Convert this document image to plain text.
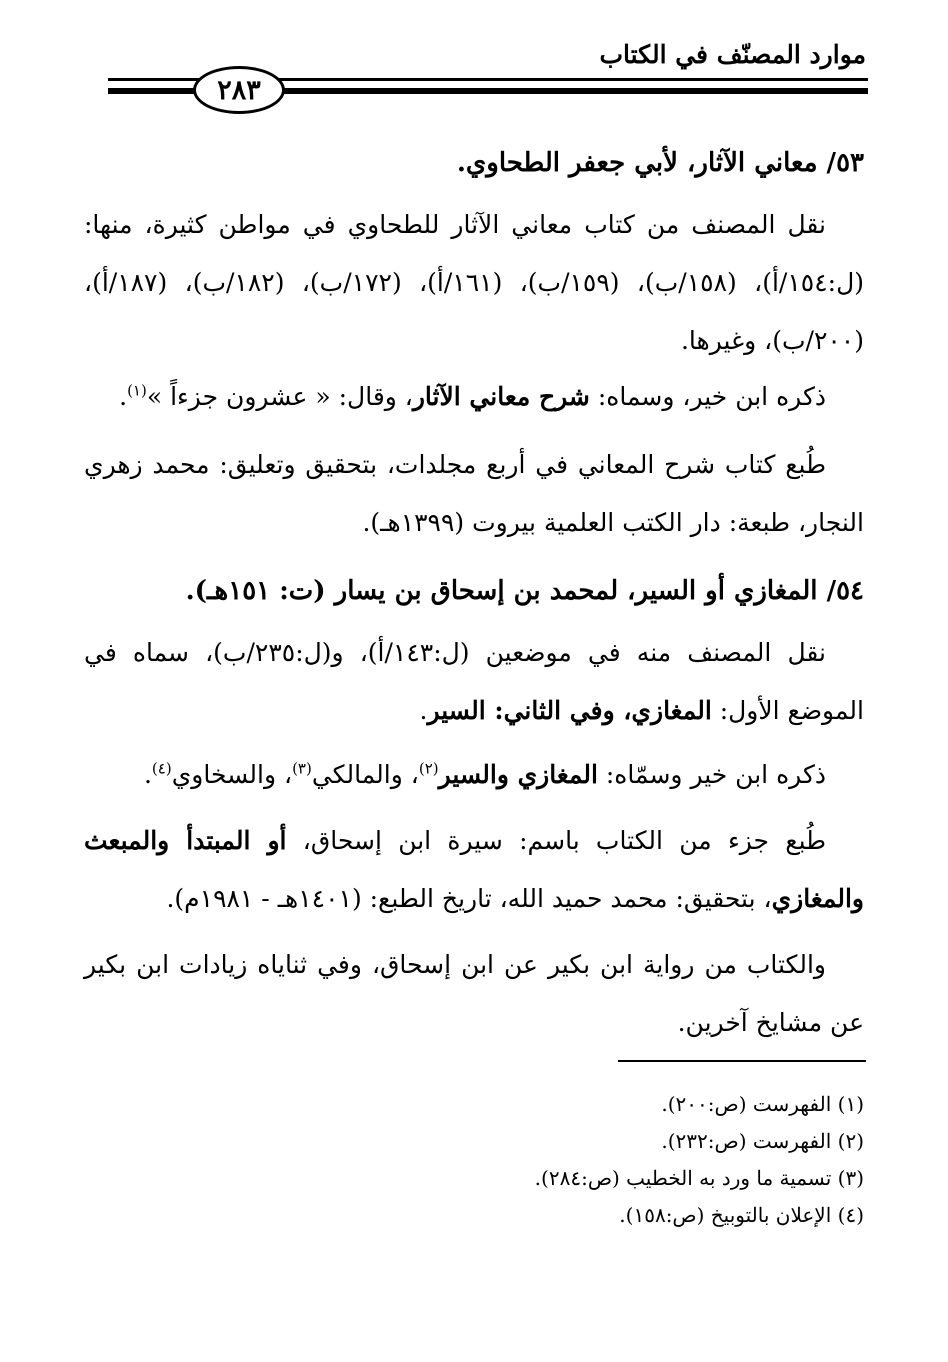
موارد المصنّف في الكتاب
٢٨٣
٥٣/ معاني الآثار، لأبي جعفر الطحاوي.
نقل المصنف من كتاب معاني الآثار للطحاوي في مواطن كثيرة، منها: (ل:١٥٤/أ)، (١٥٨/ب)، (١٥٩/ب)، (١٦١/أ)، (١٧٢/ب)، (١٨٢/ب)، (١٨٧/أ)، (٢٠٠/ب)، وغيرها.
ذكره ابن خير، وسماه: شرح معاني الآثار، وقال: « عشرون جزءاً »$^{(١)}$.
طُبع كتاب شرح المعاني في أربع مجلدات، بتحقيق وتعليق: محمد زهري النجار، طبعة: دار الكتب العلمية بيروت (١٣٩٩هـ).
٥٤/ المغازي أو السير، لمحمد بن إسحاق بن يسار (ت: ١٥١هـ).
نقل المصنف منه في موضعين (ل:١٤٣/أ)، و(ل:٢٣٥/ب)، سماه في الموضع الأول: المغازي، وفي الثاني: السير.
ذكره ابن خير وسمّاه: المغازي والسير$^{(٢)}$، والمالكي$^{(٣)}$، والسخاوي$^{(٤)}$.
طُبع جزء من الكتاب باسم: سيرة ابن إسحاق، أو المبتدأ والمبعث والمغازي، بتحقيق: محمد حميد الله، تاريخ الطبع: (١٤٠١هـ - ١٩٨١م).
والكتاب من رواية ابن بكير عن ابن إسحاق، وفي ثناياه زيادات ابن بكير عن مشايخ آخرين.
(١) الفهرست (ص:٢٠٠).
(٢) الفهرست (ص:٢٣٢).
(٣) تسمية ما ورد به الخطيب (ص:٢٨٤).
(٤) الإعلان بالتوبيخ (ص:١٥٨).
